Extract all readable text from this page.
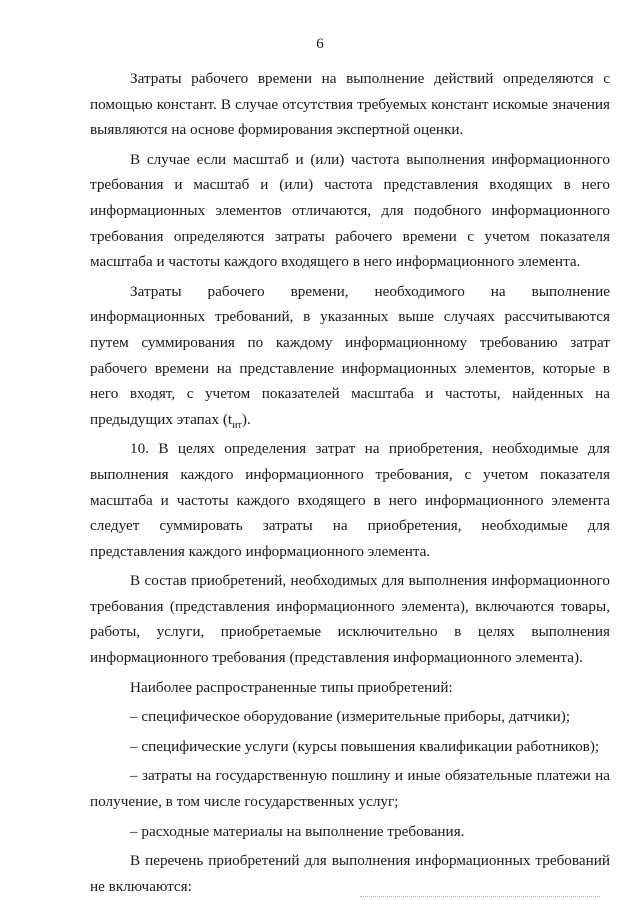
6

Затраты рабочего времени на выполнение действий определяются с помощью констант. В случае отсутствия требуемых констант искомые значения выявляются на основе формирования экспертной оценки.

В случае если масштаб и (или) частота выполнения информационного требования и масштаб и (или) частота представления входящих в него информационных элементов отличаются, для подобного информационного требования определяются затраты рабочего времени с учетом показателя масштаба и частоты каждого входящего в него информационного элемента.

Затраты рабочего времени, необходимого на выполнение информационных требований, в указанных выше случаях рассчитываются путем суммирования по каждому информационному требованию затрат рабочего времени на представление информационных элементов, которые в него входят, с учетом показателей масштаба и частоты, найденных на предыдущих этапах $(t_{ит})$.

10. В целях определения затрат на приобретения, необходимые для выполнения каждого информационного требования, с учетом показателя масштаба и частоты каждого входящего в него информационного элемента следует суммировать затраты на приобретения, необходимые для представления каждого информационного элемента.

В состав приобретений, необходимых для выполнения информационного требования (представления информационного элемента), включаются товары, работы, услуги, приобретаемые исключительно в целях выполнения информационного требования (представления информационного элемента).

Наиболее распространенные типы приобретений:

– специфическое оборудование (измерительные приборы, датчики);

– специфические услуги (курсы повышения квалификации работников);

– затраты на государственную пошлину и иные обязательные платежи на получение, в том числе государственных услуг;

– расходные материалы на выполнение требования.

В перечень приобретений для выполнения информационных требований не включаются:
